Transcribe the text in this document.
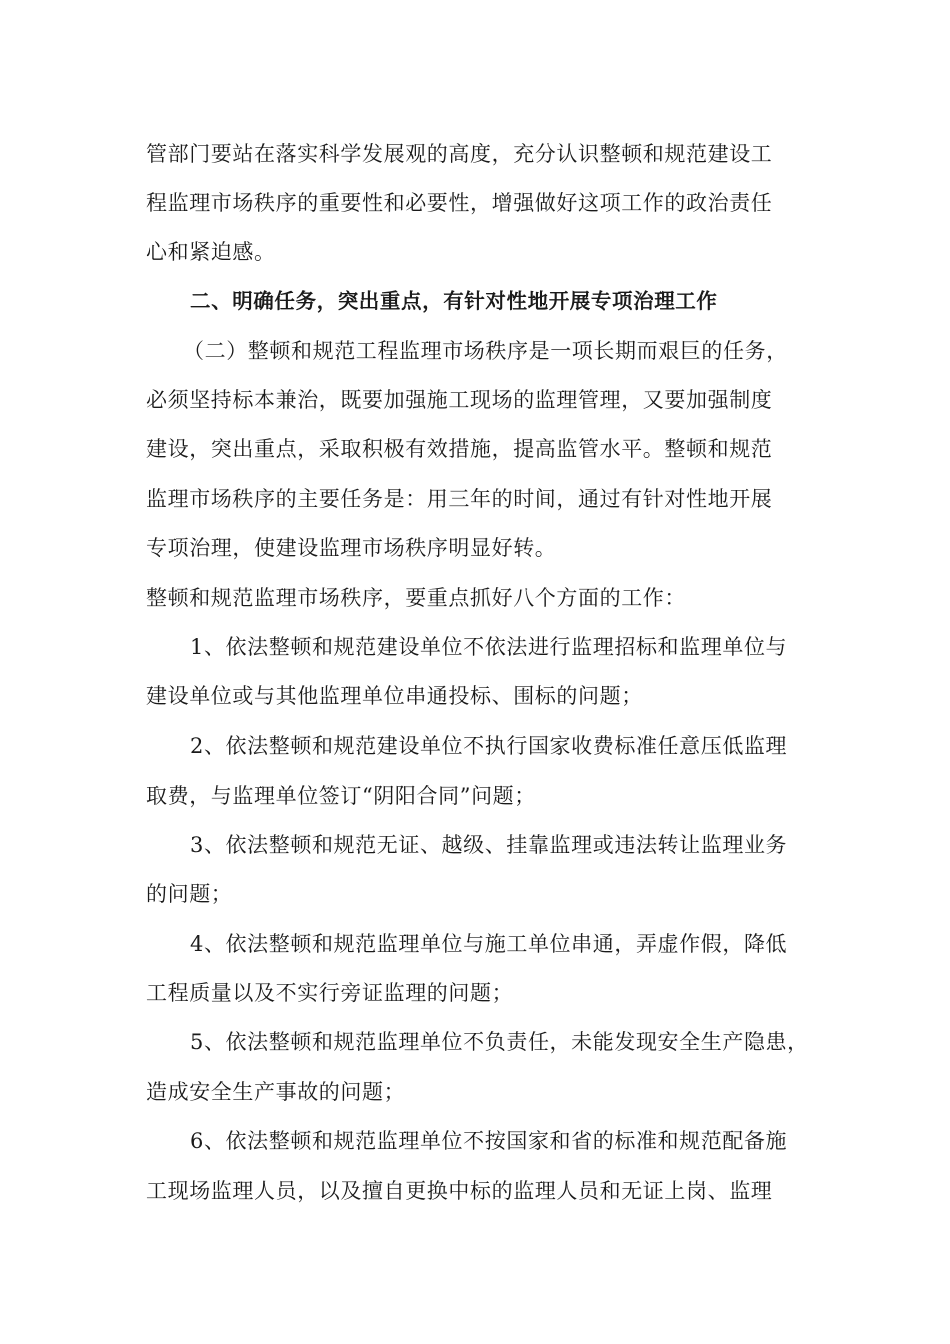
管部门要站在落实科学发展观的高度，充分认识整顿和规范建设工
程监理市场秩序的重要性和必要性，增强做好这项工作的政治责任
心和紧迫感。
二、明确任务，突出重点，有针对性地开展专项治理工作
（二）整顿和规范工程监理市场秩序是一项长期而艰巨的任务，
必须坚持标本兼治，既要加强施工现场的监理管理，又要加强制度
建设，突出重点，采取积极有效措施，提高监管水平。整顿和规范
监理市场秩序的主要任务是：用三年的时间，通过有针对性地开展
专项治理，使建设监理市场秩序明显好转。
整顿和规范监理市场秩序，要重点抓好八个方面的工作：
1、依法整顿和规范建设单位不依法进行监理招标和监理单位与
建设单位或与其他监理单位串通投标、围标的问题；
2、依法整顿和规范建设单位不执行国家收费标准任意压低监理
取费，与监理单位签订“阴阳合同”问题；
3、依法整顿和规范无证、越级、挂靠监理或违法转让监理业务
的问题；
4、依法整顿和规范监理单位与施工单位串通，弄虚作假，降低
工程质量以及不实行旁证监理的问题；
5、依法整顿和规范监理单位不负责任，未能发现安全生产隐患，
造成安全生产事故的问题；
6、依法整顿和规范监理单位不按国家和省的标准和规范配备施
工现场监理人员，以及擅自更换中标的监理人员和无证上岗、监理
